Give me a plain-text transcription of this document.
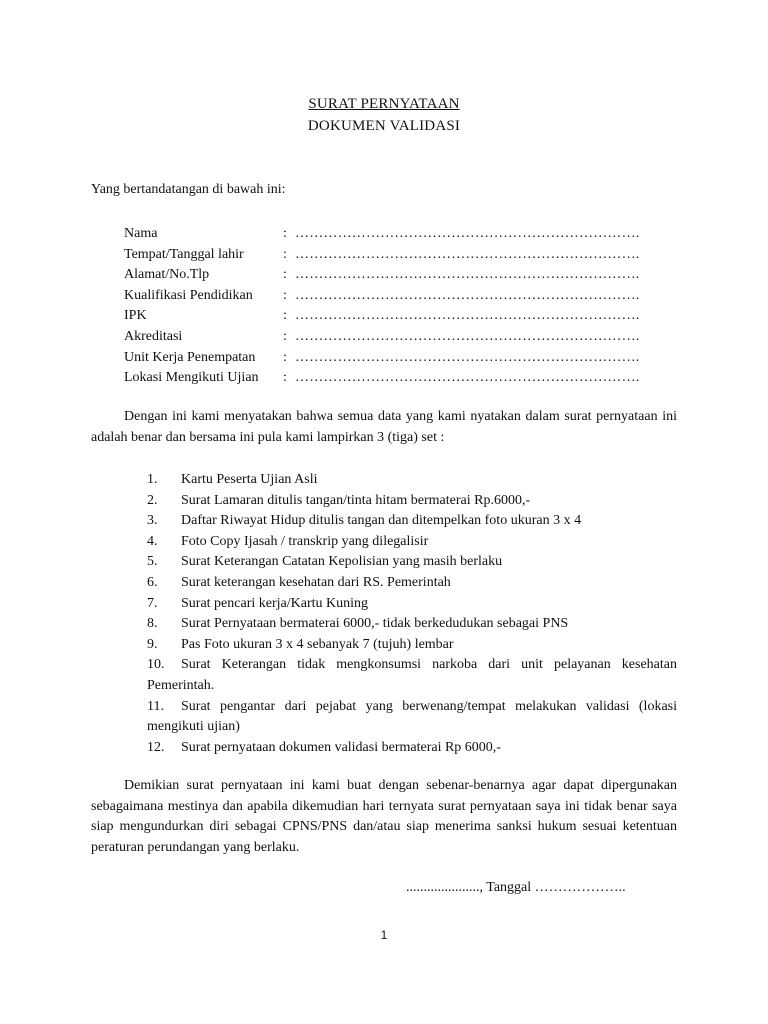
SURAT PERNYATAAN
DOKUMEN VALIDASI
Yang bertandatangan di bawah ini:
Nama	: ……………………………………………………………….
Tempat/Tanggal lahir	: ……………………………………………………………….
Alamat/No.Tlp	: ……………………………………………………………….
Kualifikasi Pendidikan	: ……………………………………………………………….
IPK	: ……………………………………………………………….
Akreditasi	: ……………………………………………………………….
Unit Kerja Penempatan	: ……………………………………………………………….
Lokasi Mengikuti Ujian	: ……………………………………………………………….
Dengan ini kami menyatakan bahwa semua data yang kami nyatakan dalam surat pernyataan ini adalah benar dan bersama ini pula kami lampirkan 3 (tiga) set :
1.	Kartu Peserta Ujian Asli
2.	Surat Lamaran ditulis tangan/tinta hitam bermaterai Rp.6000,-
3.	Daftar Riwayat Hidup ditulis tangan dan ditempelkan foto ukuran 3 x 4
4.	Foto Copy Ijasah / transkrip yang dilegalisir
5.	Surat Keterangan Catatan Kepolisian yang masih berlaku
6.	Surat keterangan kesehatan dari RS. Pemerintah
7.	Surat pencari kerja/Kartu Kuning
8.	Surat Pernyataan bermaterai 6000,- tidak berkedudukan sebagai PNS
9.	Pas Foto ukuran 3 x 4 sebanyak 7 (tujuh) lembar
10. Surat Keterangan tidak mengkonsumsi narkoba dari unit pelayanan kesehatan Pemerintah.
11. Surat pengantar dari pejabat yang berwenang/tempat melakukan validasi (lokasi mengikuti ujian)
12.	Surat pernyataan dokumen validasi bermaterai Rp 6000,-
Demikian surat pernyataan ini kami buat dengan sebenar-benarnya agar dapat dipergunakan sebagaimana mestinya dan apabila dikemudian hari ternyata surat pernyataan saya ini tidak benar saya siap mengundurkan diri sebagai CPNS/PNS dan/atau siap menerima sanksi hukum sesuai ketentuan peraturan perundangan yang berlaku.
....................., Tanggal ………………..
1
